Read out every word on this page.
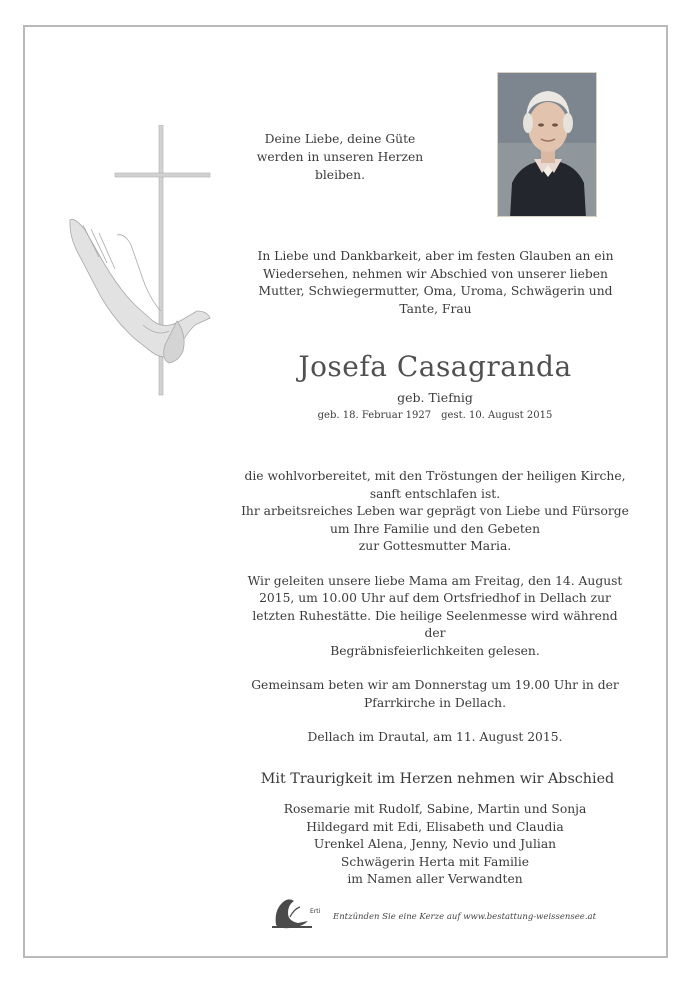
Deine Liebe, deine Güte
werden in unseren Herzen bleiben.
In Liebe und Dankbarkeit, aber im festen Glauben an ein
Wiedersehen, nehmen wir Abschied von unserer lieben
Mutter, Schwiegermutter, Oma, Uroma, Schwägerin und
Tante, Frau
Josefa Casagranda
geb. Tiefnig
geb. 18. Februar 1927 gest. 10. August 2015

die wohlvorbereitet, mit den Tröstungen der heiligen Kirche,
sanft entschlafen ist.
Ihr arbeitsreiches Leben war geprägt von Liebe und Fürsorge
um Ihre Familie und den Gebeten
zur Gottesmutter Maria.

Wir geleiten unsere liebe Mama am Freitag, den 14. August
2015, um 10.00 Uhr auf dem Ortsfriedhof in Dellach zur
letzten Ruhestätte. Die heilige Seelenmesse wird während der
Begräbnisfeierlichkeiten gelesen.

Gemeinsam beten wir am Donnerstag um 19.00 Uhr in der
Pfarrkirche in Dellach.

Dellach im Drautal, am 11. August 2015.

Mit Traurigkeit im Herzen nehmen wir Abschied
Rosemarie mit Rudolf, Sabine, Martin und Sonja
Hildegard mit Edi, Elisabeth und Claudia
Urenkel Alena, Jenny, Nevio und Julian
Schwägerin Herta mit Familie
im Namen aller Verwandten
Erti
Entzünden Sie eine Kerze auf www.bestattung-weissensee.at
